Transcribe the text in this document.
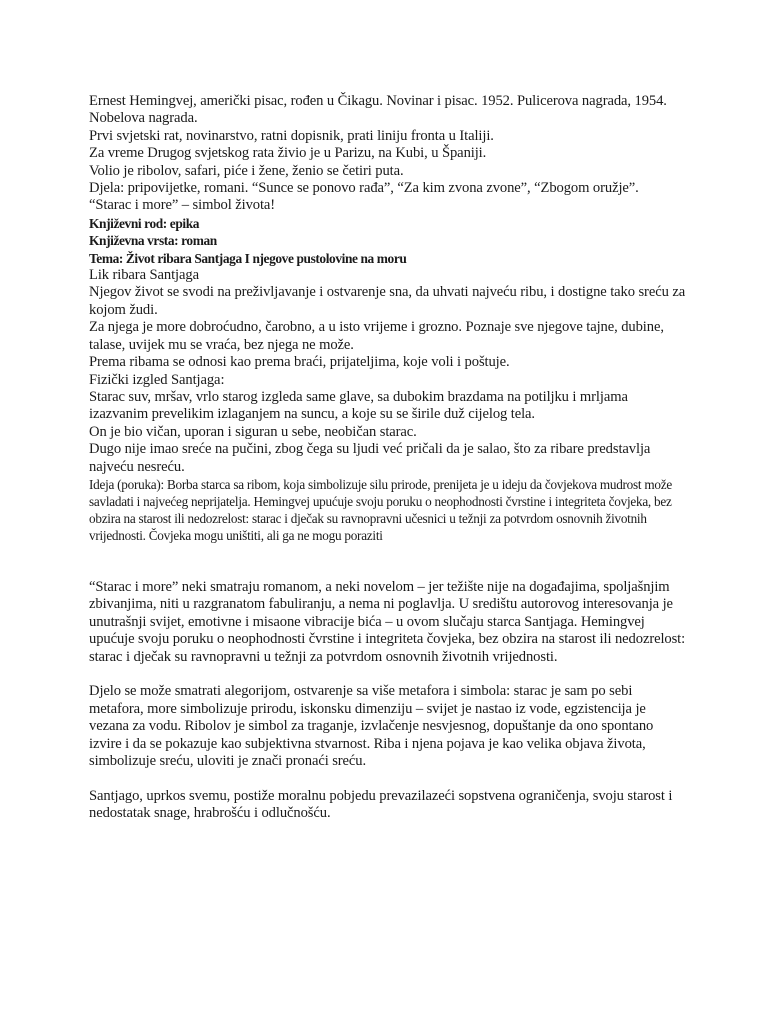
Ernest Hemingvej, američki pisac, rođen u Čikagu. Novinar i pisac. 1952. Pulicerova nagrada, 1954. Nobelova nagrada.

Prvi svjetski rat, novinarstvo, ratni dopisnik, prati liniju fronta u Italiji.

Za vreme Drugog svjetskog rata živio je u Parizu, na Kubi, u Španiji.

Volio je ribolov, safari, piće i žene, ženio se četiri puta.

Djela: pripovijetke, romani. “Sunce se ponovo rađa”, “Za kim zvona zvone”, “Zbogom oružje”.

“Starac i more” – simbol života!

Književni rod: epika

Književna vrsta: roman

Tema: Život ribara Santjaga I njegove pustolovine na moru

Lik ribara Santjaga

Njegov život se svodi na preživljavanje i ostvarenje sna, da uhvati najveću ribu, i dostigne tako sreću za kojom žudi.

Za njega je more dobroćudno, čarobno, a u isto vrijeme i grozno. Poznaje sve njegove tajne, dubine, talase, uvijek mu se vraća, bez njega ne može.

Prema ribama se odnosi kao prema braći, prijateljima, koje voli i poštuje.

Fizički izgled Santjaga:

Starac suv, mršav, vrlo starog izgleda same glave, sa dubokim brazdama na potiljku i mrljama izazvanim prevelikim izlaganjem na suncu, a koje su se širile duž cijelog tela.

On je bio vičan, uporan i siguran u sebe, neobičan starac.

Dugo nije imao sreće na pučini, zbog čega su ljudi već pričali da je salao, što za ribare predstavlja najveću nesreću.

Ideja (poruka): Borba starca sa ribom, koja simbolizuje silu prirode, prenijeta je u ideju da čovjekova mudrost može savladati i najvećeg neprijatelja. Hemingvej upućuje svoju poruku o neophodnosti čvrstine i integriteta čovjeka, bez obzira na starost ili nedozrelost: starac i dječak su ravnopravni učesnici u težnji za potvrdom osnovnih životnih vrijednosti. Čovjeka mogu uništiti, ali ga ne mogu poraziti

“Starac i more” neki smatraju romanom, a neki novelom – jer težište nije na događajima, spoljašnjim zbivanjima, niti u razgranatom fabuliranju, a nema ni poglavlja. U središtu autorovog interesovanja je unutrašnji svijet, emotivne i misaone vibracije bića – u ovom slučaju starca Santjaga. Hemingvej upućuje svoju poruku o neophodnosti čvrstine i integriteta čovjeka, bez obzira na starost ili nedozrelost: starac i dječak su ravnopravni u težnji za potvrdom osnovnih životnih vrijednosti.

Djelo se može smatrati alegorijom, ostvarenje sa više metafora i simbola: starac je sam po sebi metafora, more simbolizuje prirodu, iskonsku dimenziju – svijet je nastao iz vode, egzistencija je vezana za vodu. Ribolov je simbol za traganje, izvlačenje nesvjesnog, dopuštanje da ono spontano izvire i da se pokazuje kao subjektivna stvarnost. Riba i njena pojava je kao velika objava života, simbolizuje sreću, uloviti je znači pronaći sreću.

Santjago, uprkos svemu, postiže moralnu pobjedu prevazilazeći sopstvena ograničenja, svoju starost i nedostatak snage, hrabrošću i odlučnošću.
